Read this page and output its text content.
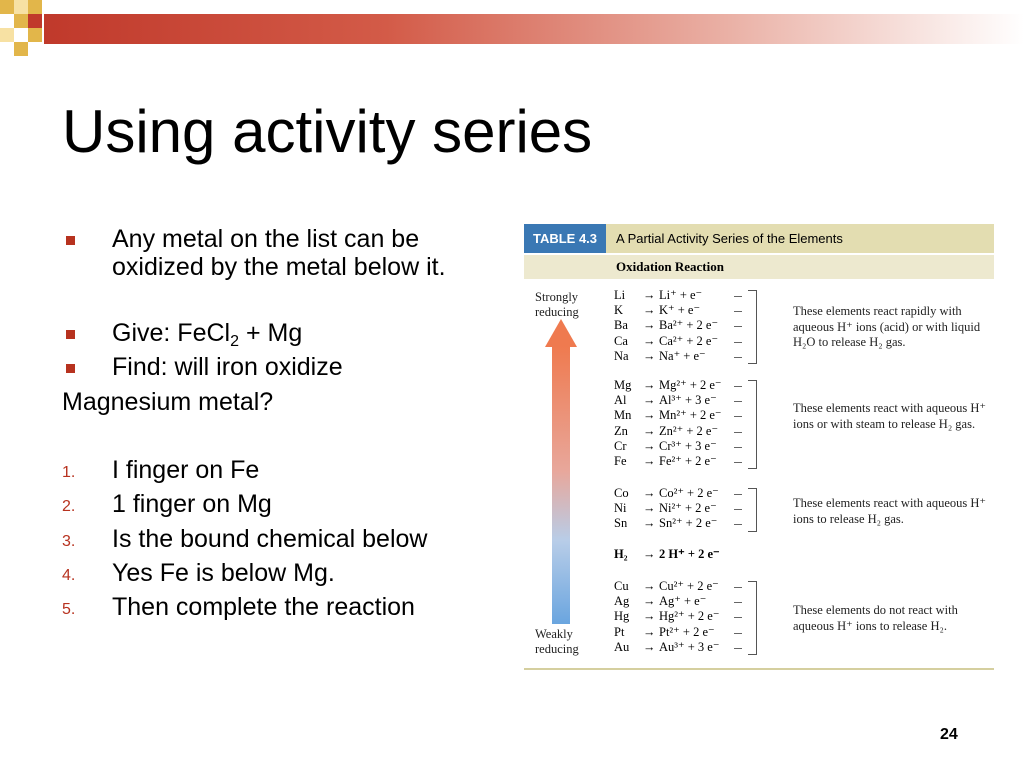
Using activity series
Any metal on the list can be
oxidized by the metal below it.
Give: FeCl$_2$ + Mg
Find: will iron oxidize
Magnesium metal?
1. I finger on Fe
2. 1 finger on Mg
3. Is the bound chemical below
4. Yes Fe is below Mg.
5. Then complete the reaction
TABLE 4.3	A Partial Activity Series of the Elements
Oxidation Reaction
Strongly
reducing
Weakly
reducing
Li → Li⁺ + e⁻
K → K⁺ + e⁻
Ba → Ba²⁺ + 2 e⁻
Ca → Ca²⁺ + 2 e⁻
Na → Na⁺ + e⁻
These elements react rapidly with aqueous H⁺ ions (acid) or with liquid H₂O to release H₂ gas.
Mg → Mg²⁺ + 2 e⁻
Al → Al³⁺ + 3 e⁻
Mn → Mn²⁺ + 2 e⁻
Zn → Zn²⁺ + 2 e⁻
Cr → Cr³⁺ + 3 e⁻
Fe → Fe²⁺ + 2 e⁻
These elements react with aqueous H⁺ ions or with steam to release H₂ gas.
Co → Co²⁺ + 2 e⁻
Ni → Ni²⁺ + 2 e⁻
Sn → Sn²⁺ + 2 e⁻
These elements react with aqueous H⁺ ions to release H₂ gas.
H₂ → 2 H⁺ + 2 e⁻
Cu → Cu²⁺ + 2 e⁻
Ag → Ag⁺ + e⁻
Hg → Hg²⁺ + 2 e⁻
Pt → Pt²⁺ + 2 e⁻
Au → Au³⁺ + 3 e⁻
These elements do not react with aqueous H⁺ ions to release H₂.
24
